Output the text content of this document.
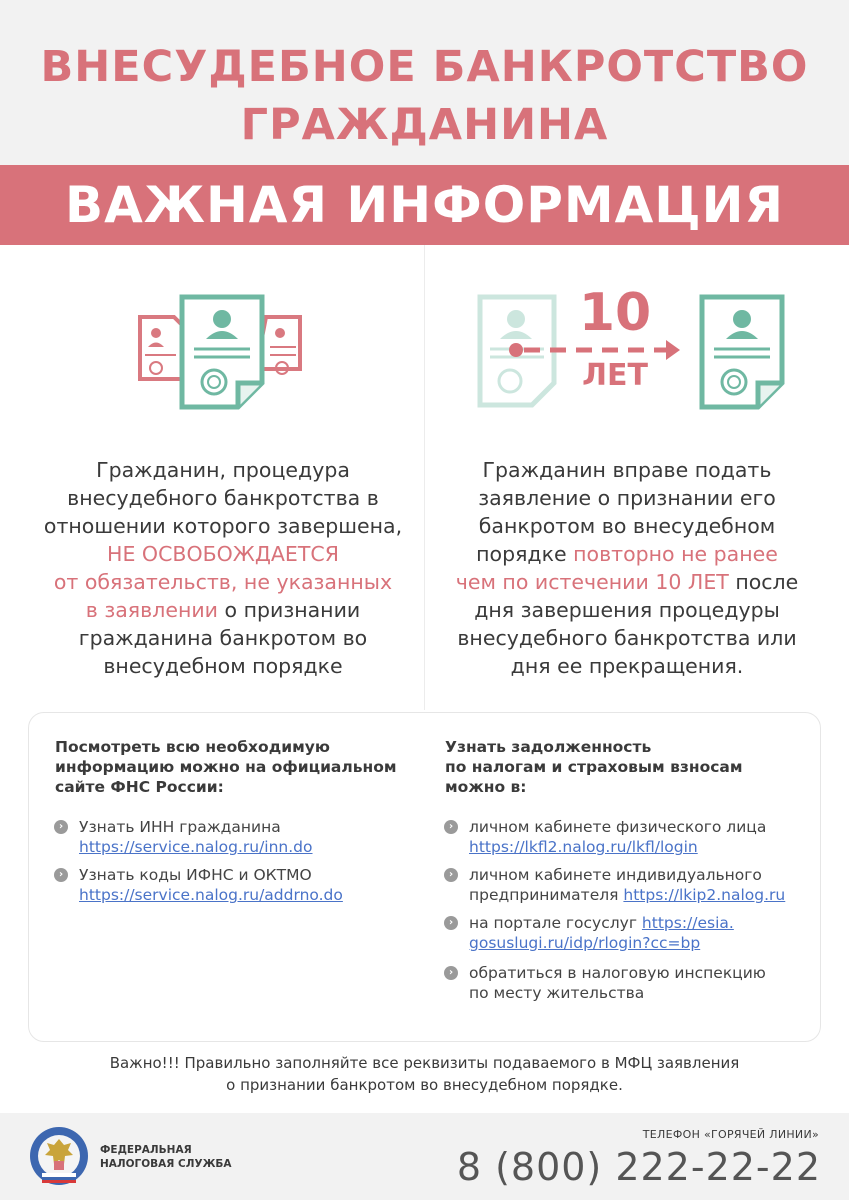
ВНЕСУДЕБНОЕ БАНКРОТСТВО
ГРАЖДАНИНА
ВАЖНАЯ ИНФОРМАЦИЯ
10
ЛЕТ
Гражданин, процедура
внесудебного банкротства в
отношении которого завершена,
НЕ ОСВОБОЖДАЕТСЯ
от обязательств, не указанных
в заявлении о признании
гражданина банкротом во
внесудебном порядке
Гражданин вправе подать
заявление о признании его
банкротом во внесудебном
порядке повторно не ранее
чем по истечении 10 ЛЕТ после
дня завершения процедуры
внесудебного банкротства или
дня ее прекращения.
Посмотреть всю необходимую
информацию можно на официальном
сайте ФНС России:
›	Узнать ИНН гражданина
https://service.nalog.ru/inn.do
›	Узнать коды ИФНС и ОКТМО
https://service.nalog.ru/addrno.do
Узнать задолженность
по налогам и страховым взносам
можно в:
›	личном кабинете физического лица
https://lkfl2.nalog.ru/lkfl/login
›	личном кабинете индивидуального
предпринимателя https://lkip2.nalog.ru
›	на портале госуслуг https://esia.
gosuslugi.ru/idp/rlogin?cc=bp
›	обратиться в налоговую инспекцию
по месту жительства
Важно!!! Правильно заполняйте все реквизиты подаваемого в МФЦ заявления
о признании банкротом во внесудебном порядке.
ФЕДЕРАЛЬНАЯ
НАЛОГОВАЯ СЛУЖБА
ТЕЛЕФОН «ГОРЯЧЕЙ ЛИНИИ»
8 (800) 222-22-22
